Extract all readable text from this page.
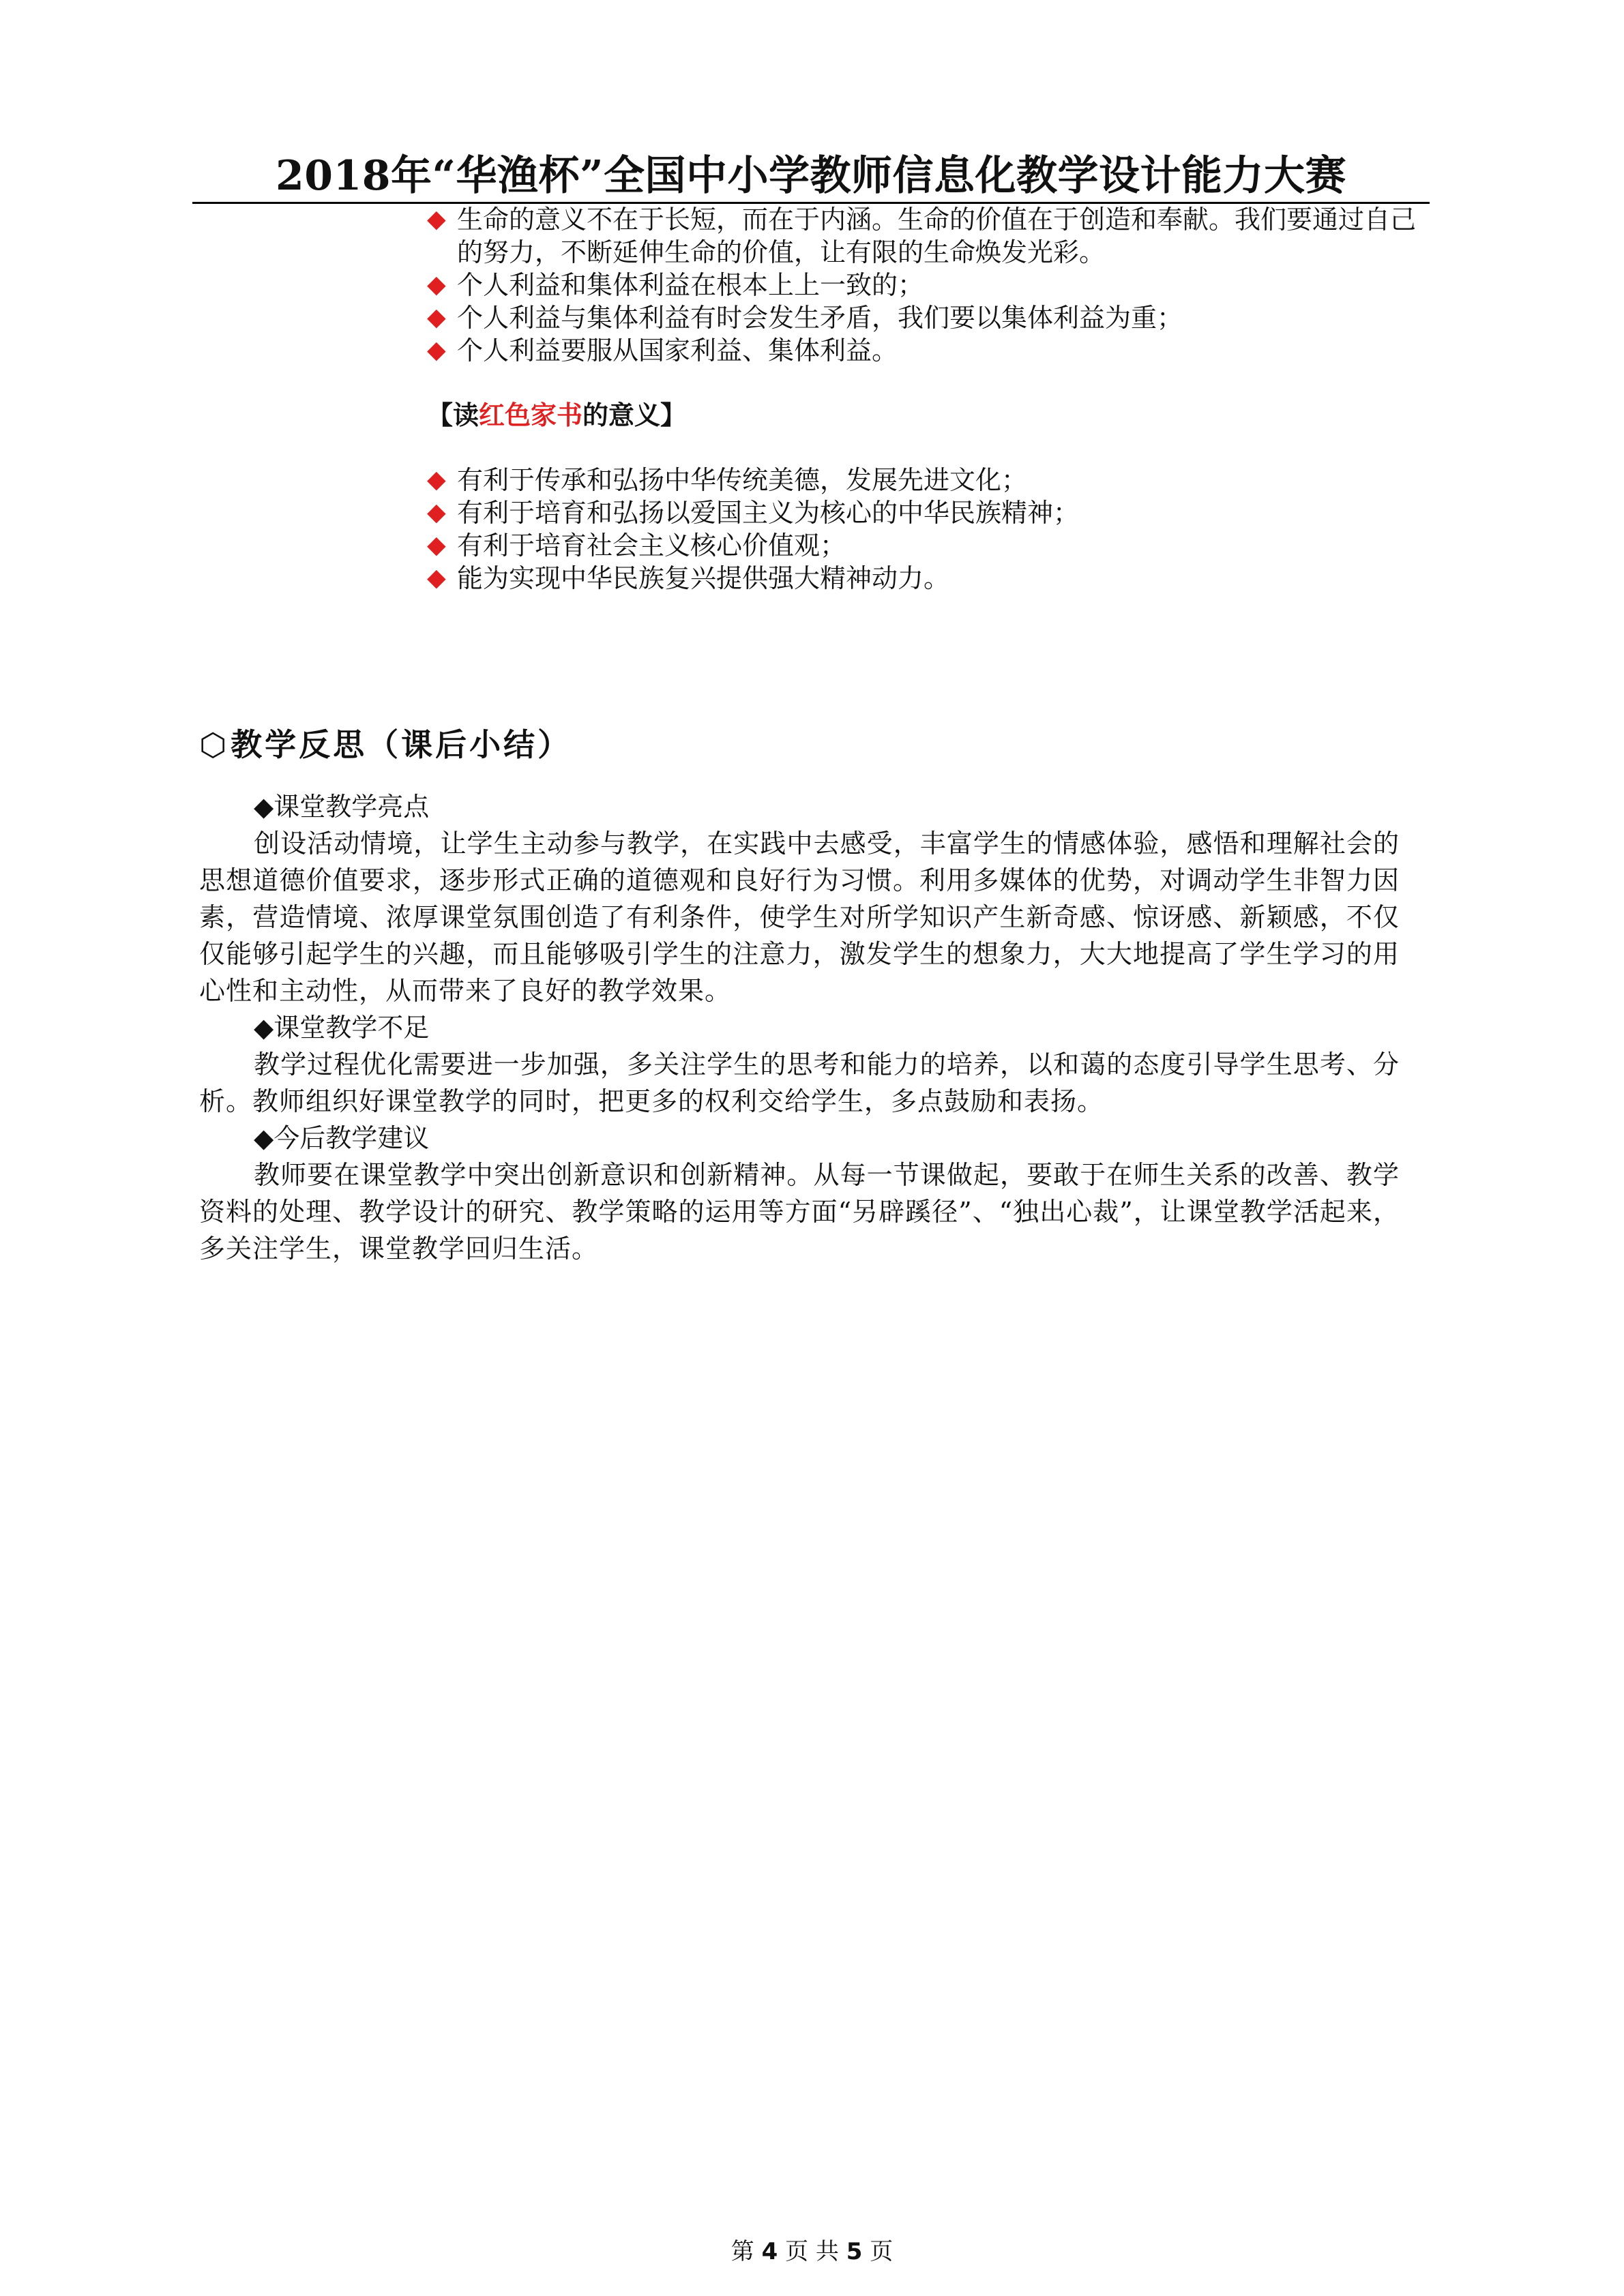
2018年“华渔杯”全国中小学教师信息化教学设计能力大赛
◆ 生命的意义不在于长短，而在于内涵。生命的价值在于创造和奉献。我们要通过自己的努力，不断延伸生命的价值，让有限的生命焕发光彩。
◆ 个人利益和集体利益在根本上上一致的；
◆ 个人利益与集体利益有时会发生矛盾，我们要以集体利益为重；
◆ 个人利益要服从国家利益、集体利益。
【读红色家书的意义】
◆ 有利于传承和弘扬中华传统美德，发展先进文化；
◆ 有利于培育和弘扬以爱国主义为核心的中华民族精神；
◆ 有利于培育社会主义核心价值观；
◆ 能为实现中华民族复兴提供强大精神动力。
⬡ 教学反思（课后小结）
◆课堂教学亮点
创设活动情境，让学生主动参与教学，在实践中去感受，丰富学生的情感体验，感悟和理解社会的思想道德价值要求，逐步形式正确的道德观和良好行为习惯。利用多媒体的优势，对调动学生非智力因素，营造情境、浓厚课堂氛围创造了有利条件，使学生对所学知识产生新奇感、惊讶感、新颖感，不仅仅能够引起学生的兴趣，而且能够吸引学生的注意力，激发学生的想象力，大大地提高了学生学习的用心性和主动性，从而带来了良好的教学效果。
◆课堂教学不足
教学过程优化需要进一步加强，多关注学生的思考和能力的培养，以和蔼的态度引导学生思考、分析。教师组织好课堂教学的同时，把更多的权利交给学生，多点鼓励和表扬。
◆今后教学建议
教师要在课堂教学中突出创新意识和创新精神。从每一节课做起，要敢于在师生关系的改善、教学资料的处理、教学设计的研究、教学策略的运用等方面“另辟蹊径”、“独出心裁”，让课堂教学活起来，多关注学生，课堂教学回归生活。
第 4 页 共 5 页
